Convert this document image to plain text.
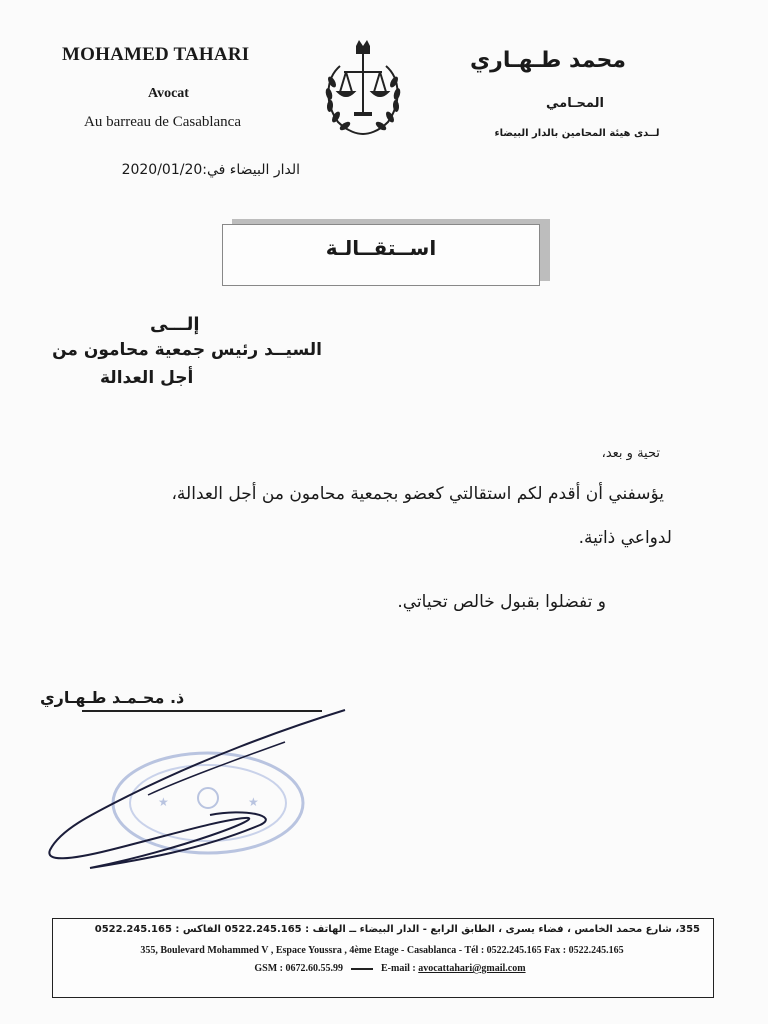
MOHAMED TAHARI
Avocat
Au barreau de Casablanca
محمد طـهـاري
المحـامي
لــدى هيئة المحامين بالدار البيضاء
الدار البيضاء في:2020/01/20
اســتقــالـة
إلـــى
السيــد رئيس جمعية محامون من
أجل العدالة
تحية و بعد،
يؤسفني أن أقدم لكم استقالتي كعضو بجمعية محامون من أجل العدالة،
لدواعي ذاتية.
و تفضلوا بقبول خالص تحياتي.
ذ. محـمـد طـهـاري
★	★
355، شارع محمد الخامس ، فضاء يسرى ، الطابق الرابع - الدار البيضاء ــ الهاتف : 0522.245.165 الفاكس : 0522.245.165
355, Boulevard Mohammed V , Espace Youssra , 4ème Etage - Casablanca - Tél : 0522.245.165 Fax : 0522.245.165
GSM : 0672.60.55.99	E-mail : avocattahari@gmail.com
